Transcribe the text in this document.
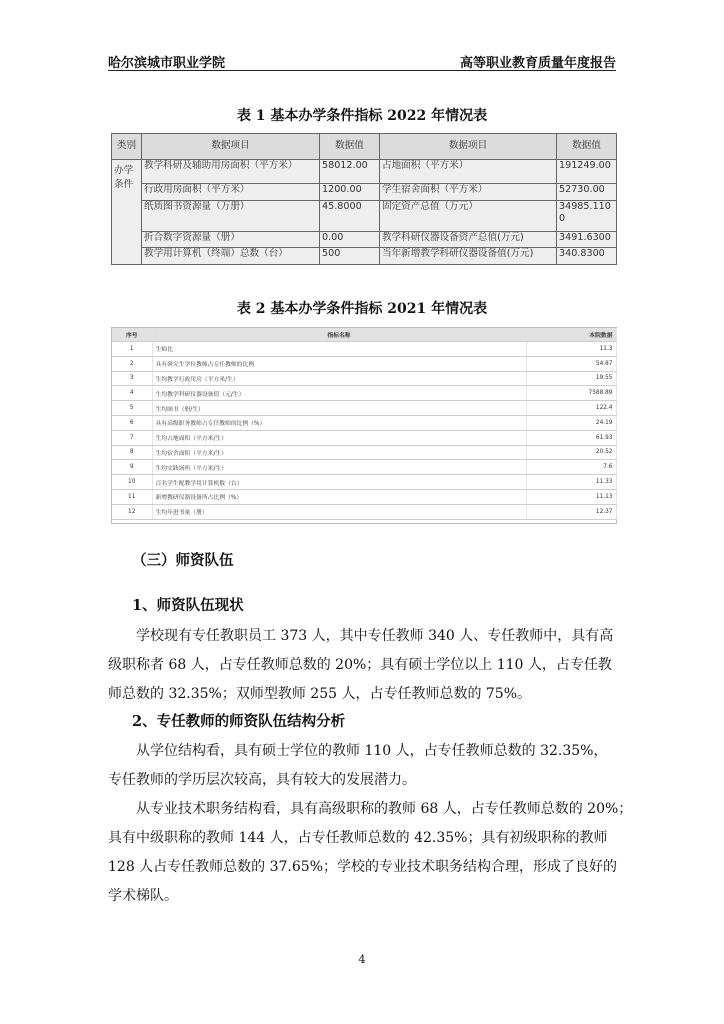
哈尔滨城市职业学院	高等职业教育质量年度报告
表 1 基本办学条件指标 2022 年情况表
类别	数据项目	数据值	数据项目	数据值
办学条件	教学科研及辅助用房面积（平方米）	58012.00	占地面积（平方米）	191249.00
	行政用房面积（平方米）	1200.00	学生宿舍面积（平方米）	52730.00
	纸质图书资源量（万册）	45.8000	固定资产总值（万元）	34985.110 0
	折合数字资源量（册）	0.00	教学科研仪器设备资产总值(万元)	3491.6300
	教学用计算机（终端）总数（台）	500	当年新增教学科研仪器设备值(万元)	340.8300
表 2 基本办学条件指标 2021 年情况表
序号	指标名称	本院数据
1	生师比	11.3
2	具有研究生学位教师占专任教师的比例	54.87
3	生均教学行政用房（平方米/生）	19.55
4	生均教学科研仪器设备值（元/生）	7588.89
5	生均图书（册/生）	122.4
6	具有高级职务教师占专任教师的比例（%）	24.19
7	生均占地面积（平方米/生）	61.93
8	生均宿舍面积（平方米/生）	20.52
9	生均实践场所（平方米/生）	7.6
10	百名学生配教学用计算机数（台）	11.33
11	新增教研仪器设备所占比例（%）	11.13
12	生均年进书量（册）	12.37
（三）师资队伍
1、师资队伍现状
学校现有专任教职员工 373 人，其中专任教师 340 人、专任教师中，具有高
级职称者 68 人，占专任教师总数的 20%；具有硕士学位以上 110 人，占专任教
师总数的 32.35%；双师型教师 255 人，占专任教师总数的 75%。
2、专任教师的师资队伍结构分析
从学位结构看，具有硕士学位的教师 110 人，占专任教师总数的 32.35%，
专任教师的学历层次较高，具有较大的发展潜力。
从专业技术职务结构看，具有高级职称的教师 68 人，占专任教师总数的 20%；
具有中级职称的教师 144 人，占专任教师总数的 42.35%；具有初级职称的教师
128 人占专任教师总数的 37.65%；学校的专业技术职务结构合理，形成了良好的
学术梯队。
4
